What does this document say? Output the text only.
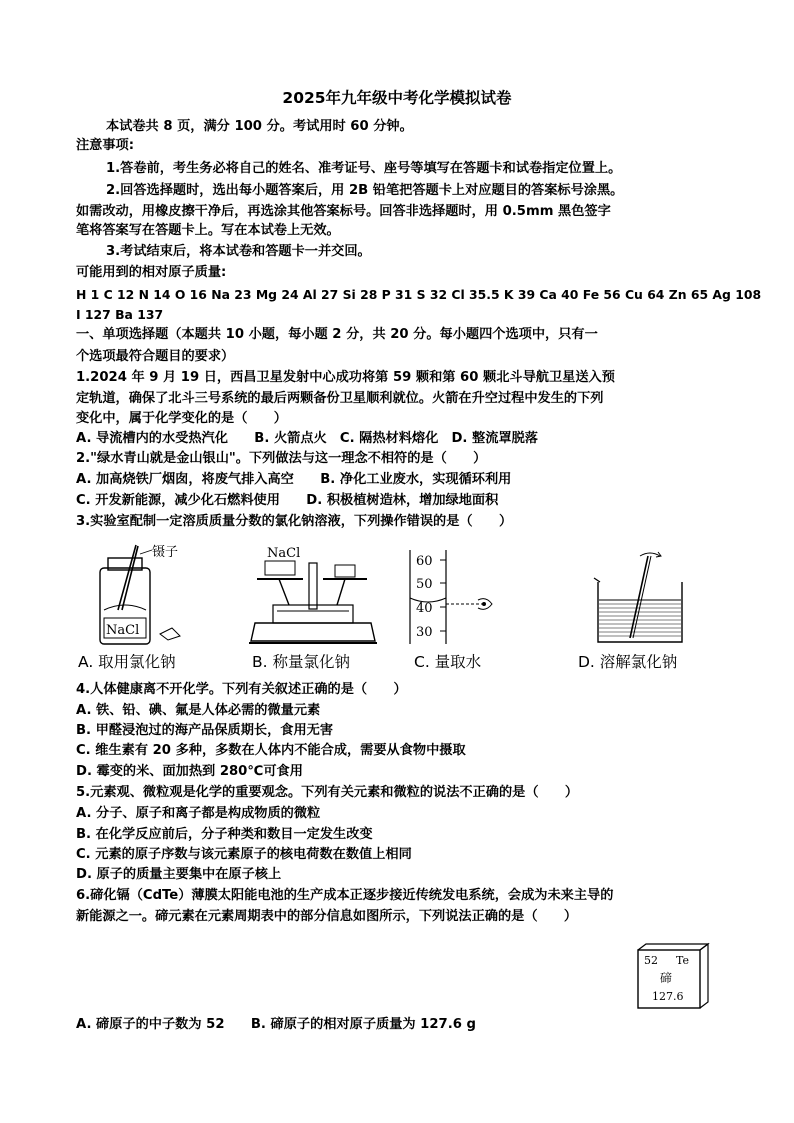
2025年九年级中考化学模拟试卷
本试卷共 8 页，满分 100 分。考试用时 60 分钟。
注意事项:
1.答卷前，考生务必将自己的姓名、准考证号、座号等填写在答题卡和试卷指定位置上。
2.回答选择题时，选出每小题答案后，用 2B 铅笔把答题卡上对应题目的答案标号涂黑。
如需改动，用橡皮擦干净后，再选涂其他答案标号。回答非选择题时，用 0.5mm 黑色签字
笔将答案写在答题卡上。写在本试卷上无效。
3.考试结束后，将本试卷和答题卡一并交回。
可能用到的相对原子质量:
H 1 C 12 N 14 O 16 Na 23 Mg 24 Al 27 Si 28 P 31 S 32 Cl 35.5 K 39 Ca 40 Fe 56 Cu 64 Zn 65 Ag 108
I 127 Ba 137
一、单项选择题（本题共 10 小题，每小题 2 分，共 20 分。每小题四个选项中，只有一
个选项最符合题目的要求）
1.2024 年 9 月 19 日，西昌卫星发射中心成功将第 59 颗和第 60 颗北斗导航卫星送入预
定轨道，确保了北斗三号系统的最后两颗备份卫星顺利就位。火箭在升空过程中发生的下列
变化中，属于化学变化的是（　　）
A. 导流槽内的水受热汽化　　B. 火箭点火　C. 隔热材料熔化　D. 整流罩脱落
2."绿水青山就是金山银山"。下列做法与这一理念不相符的是（　　）
A. 加高烧铁厂烟囱，将废气排入高空　　B. 净化工业废水，实现循环利用
C. 开发新能源，减少化石燃料使用　　D. 积极植树造林，增加绿地面积
3.实验室配制一定溶质质量分数的氯化钠溶液，下列操作错误的是（　　）
NaCl
镊子	NaCl
60
50
40
30
A. 取用氯化钠	B. 称量氯化钠	C. 量取水	D. 溶解氯化钠
4.人体健康离不开化学。下列有关叙述正确的是（　　）
A. 铁、铅、碘、氟是人体必需的微量元素
B. 甲醛浸泡过的海产品保质期长，食用无害
C. 维生素有 20 多种，多数在人体内不能合成，需要从食物中摄取
D. 霉变的米、面加热到 280℃可食用
5.元素观、微粒观是化学的重要观念。下列有关元素和微粒的说法不正确的是（　　）
A. 分子、原子和离子都是构成物质的微粒
B. 在化学反应前后，分子种类和数目一定发生改变
C. 元素的原子序数与该元素原子的核电荷数在数值上相同
D. 原子的质量主要集中在原子核上
6.碲化镉（CdTe）薄膜太阳能电池的生产成本正逐步接近传统发电系统，会成为未来主导的
新能源之一。碲元素在元素周期表中的部分信息如图所示，下列说法正确的是（　　）
52 Te
碲
127.6
A. 碲原子的中子数为 52　　B. 碲原子的相对原子质量为 127.6 g
